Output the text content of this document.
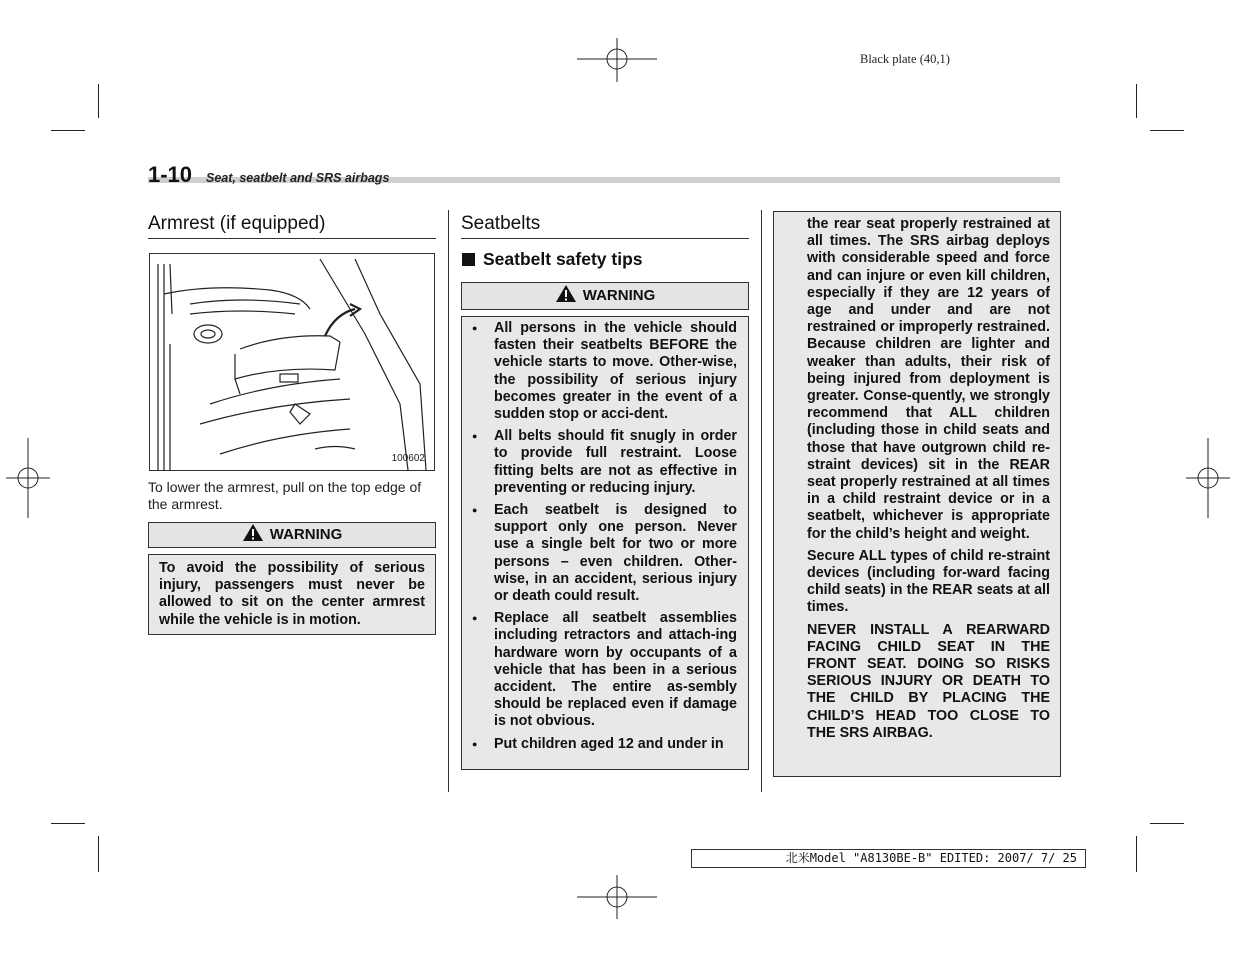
Black plate (40,1)
1-10 Seat, seatbelt and SRS airbags
Armrest (if equipped)
100602
To lower the armrest, pull on the top edge of the armrest.
WARNING
To avoid the possibility of serious injury, passengers must never be allowed to sit on the center armrest while the vehicle is in motion.
Seatbelts
Seatbelt safety tips
WARNING
● All persons in the vehicle should fasten their seatbelts BEFORE the vehicle starts to move. Other-wise, the possibility of serious injury becomes greater in the event of a sudden stop or acci-dent.
● All belts should fit snugly in order to provide full restraint. Loose fitting belts are not as effective in preventing or reducing injury.
● Each seatbelt is designed to support only one person. Never use a single belt for two or more persons – even children. Other-wise, in an accident, serious injury or death could result.
● Replace all seatbelt assemblies including retractors and attach-ing hardware worn by occupants of a vehicle that has been in a serious accident. The entire as-sembly should be replaced even if damage is not obvious.
● Put children aged 12 and under in

the rear seat properly restrained at all times. The SRS airbag deploys with considerable speed and force and can injure or even kill children, especially if they are 12 years of age and under and are not restrained or improperly restrained. Because children are lighter and weaker than adults, their risk of being injured from deployment is greater. Conse-quently, we strongly recommend that ALL children (including those in child seats and those that have outgrown child re-straint devices) sit in the REAR seat properly restrained at all times in a child restraint device or in a seatbelt, whichever is appropriate for the child’s height and weight.

Secure ALL types of child re-straint devices (including for-ward facing child seats) in the REAR seats at all times.

NEVER INSTALL A REARWARD FACING CHILD SEAT IN THE FRONT SEAT. DOING SO RISKS SERIOUS INJURY OR DEATH TO THE CHILD BY PLACING THE CHILD’S HEAD TOO CLOSE TO THE SRS AIRBAG.

北米Model "A8130BE-B" EDITED: 2007/ 7/ 25
